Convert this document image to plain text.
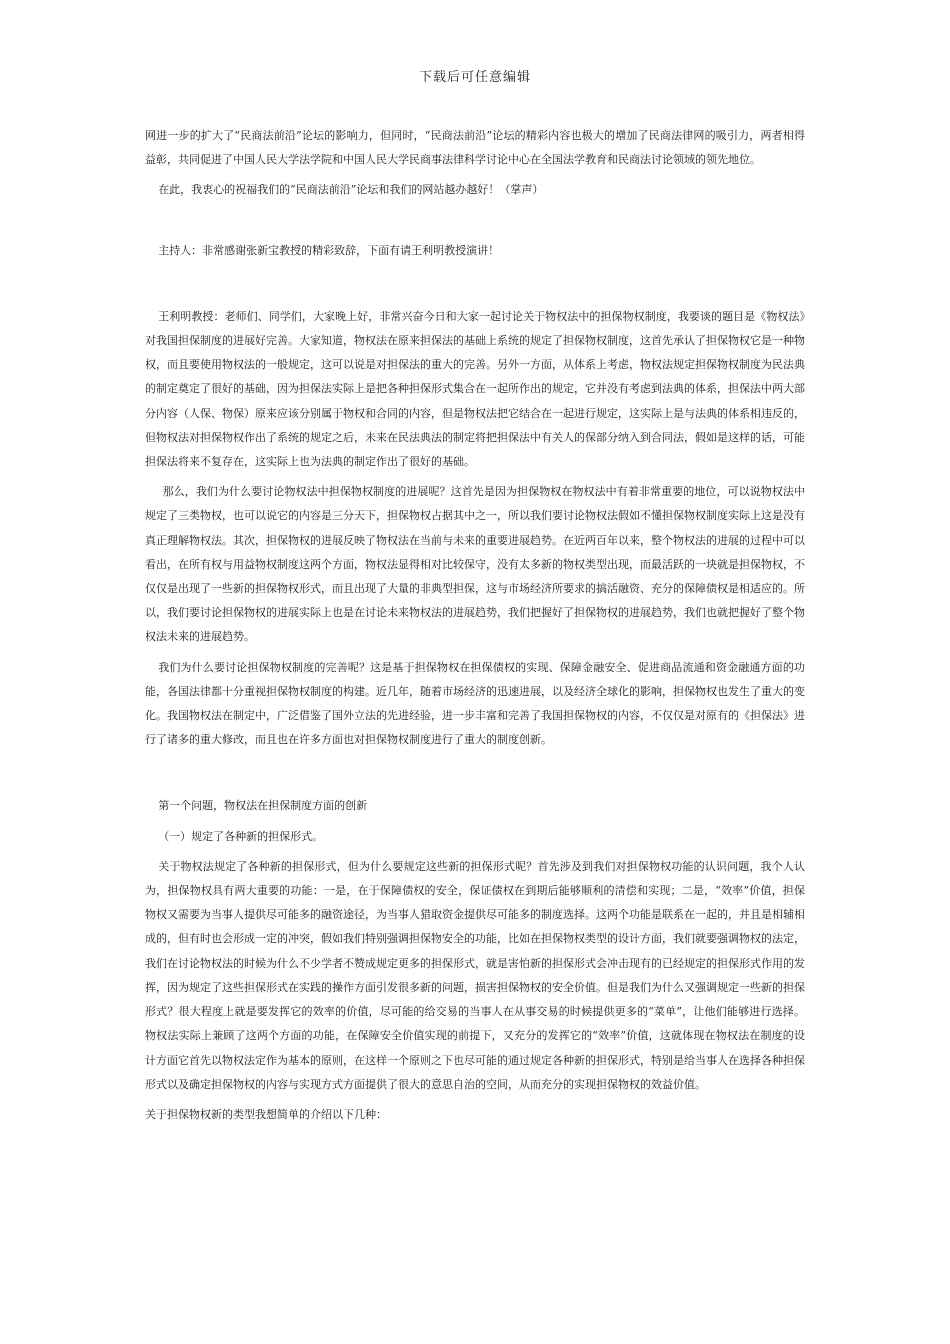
下载后可任意编辑

网进一步的扩大了“民商法前沿”论坛的影响力，但同时，“民商法前沿”论坛的精彩内容也极大的增加了民商法律网的吸引力，两者相得益彰，共同促进了中国人民大学法学院和中国人民大学民商事法律科学讨论中心在全国法学教育和民商法讨论领域的领先地位。

在此，我衷心的祝福我们的“民商法前沿”论坛和我们的网站越办越好！（掌声）

主持人：非常感谢张新宝教授的精彩致辞，下面有请王利明教授演讲！

王利明教授：老师们、同学们，大家晚上好，非常兴奋今日和大家一起讨论关于物权法中的担保物权制度，我要谈的题目是《物权法》对我国担保制度的进展好完善。大家知道，物权法在原来担保法的基础上系统的规定了担保物权制度，这首先承认了担保物权它是一种物权，而且要使用物权法的一般规定，这可以说是对担保法的重大的完善。另外一方面，从体系上考虑，物权法规定担保物权制度为民法典的制定奠定了很好的基础，因为担保法实际上是把各种担保形式集合在一起所作出的规定，它并没有考虑到法典的体系，担保法中两大部分内容（人保、物保）原来应该分别属于物权和合同的内容，但是物权法把它结合在一起进行规定，这实际上是与法典的体系相违反的，但物权法对担保物权作出了系统的规定之后，未来在民法典法的制定将把担保法中有关人的保部分纳入到合同法，假如是这样的话，可能担保法将来不复存在，这实际上也为法典的制定作出了很好的基础。

那么，我们为什么要讨论物权法中担保物权制度的进展呢？这首先是因为担保物权在物权法中有着非常重要的地位，可以说物权法中规定了三类物权，也可以说它的内容是三分天下，担保物权占据其中之一，所以我们要讨论物权法假如不懂担保物权制度实际上这是没有真正理解物权法。其次，担保物权的进展反映了物权法在当前与未来的重要进展趋势。在近两百年以来，整个物权法的进展的过程中可以看出，在所有权与用益物权制度这两个方面，物权法显得相对比较保守，没有太多新的物权类型出现，而最活跃的一块就是担保物权，不仅仅是出现了一些新的担保物权形式，而且出现了大量的非典型担保，这与市场经济所要求的搞活融资、充分的保障债权是相适应的。所以，我们要讨论担保物权的进展实际上也是在讨论未来物权法的进展趋势，我们把握好了担保物权的进展趋势，我们也就把握好了整个物权法未来的进展趋势。

我们为什么要讨论担保物权制度的完善呢？这是基于担保物权在担保债权的实现、保障金融安全、促进商品流通和资金融通方面的功能，各国法律都十分重视担保物权制度的构建。近几年，随着市场经济的迅速进展，以及经济全球化的影响，担保物权也发生了重大的变化。我国物权法在制定中，广泛借鉴了国外立法的先进经验，进一步丰富和完善了我国担保物权的内容，不仅仅是对原有的《担保法》进行了诸多的重大修改，而且也在许多方面也对担保物权制度进行了重大的制度创新。

第一个问题，物权法在担保制度方面的创新

（一）规定了各种新的担保形式。

关于物权法规定了各种新的担保形式，但为什么要规定这些新的担保形式呢？首先涉及到我们对担保物权功能的认识问题，我个人认为，担保物权具有两大重要的功能：一是，在于保障债权的安全，保证债权在到期后能够顺利的清偿和实现；二是，“效率”价值，担保物权又需要为当事人提供尽可能多的融资途径，为当事人猎取资金提供尽可能多的制度选择。这两个功能是联系在一起的，并且是相辅相成的，但有时也会形成一定的冲突，假如我们特别强调担保物安全的功能，比如在担保物权类型的设计方面，我们就要强调物权的法定，我们在讨论物权法的时候为什么不少学者不赞成规定更多的担保形式，就是害怕新的担保形式会冲击现有的已经规定的担保形式作用的发挥，因为规定了这些担保形式在实践的操作方面引发很多新的问题，损害担保物权的安全价值。但是我们为什么又强调规定一些新的担保形式？很大程度上就是要发挥它的效率的价值，尽可能的给交易的当事人在从事交易的时候提供更多的“菜单”，让他们能够进行选择。物权法实际上兼顾了这两个方面的功能，在保障安全价值实现的前提下，又充分的发挥它的“效率”价值，这就体现在物权法在制度的设计方面它首先以物权法定作为基本的原则，在这样一个原则之下也尽可能的通过规定各种新的担保形式，特别是给当事人在选择各种担保形式以及确定担保物权的内容与实现方式方面提供了很大的意思自治的空间，从而充分的实现担保物权的效益价值。

关于担保物权新的类型我想简单的介绍以下几种：
